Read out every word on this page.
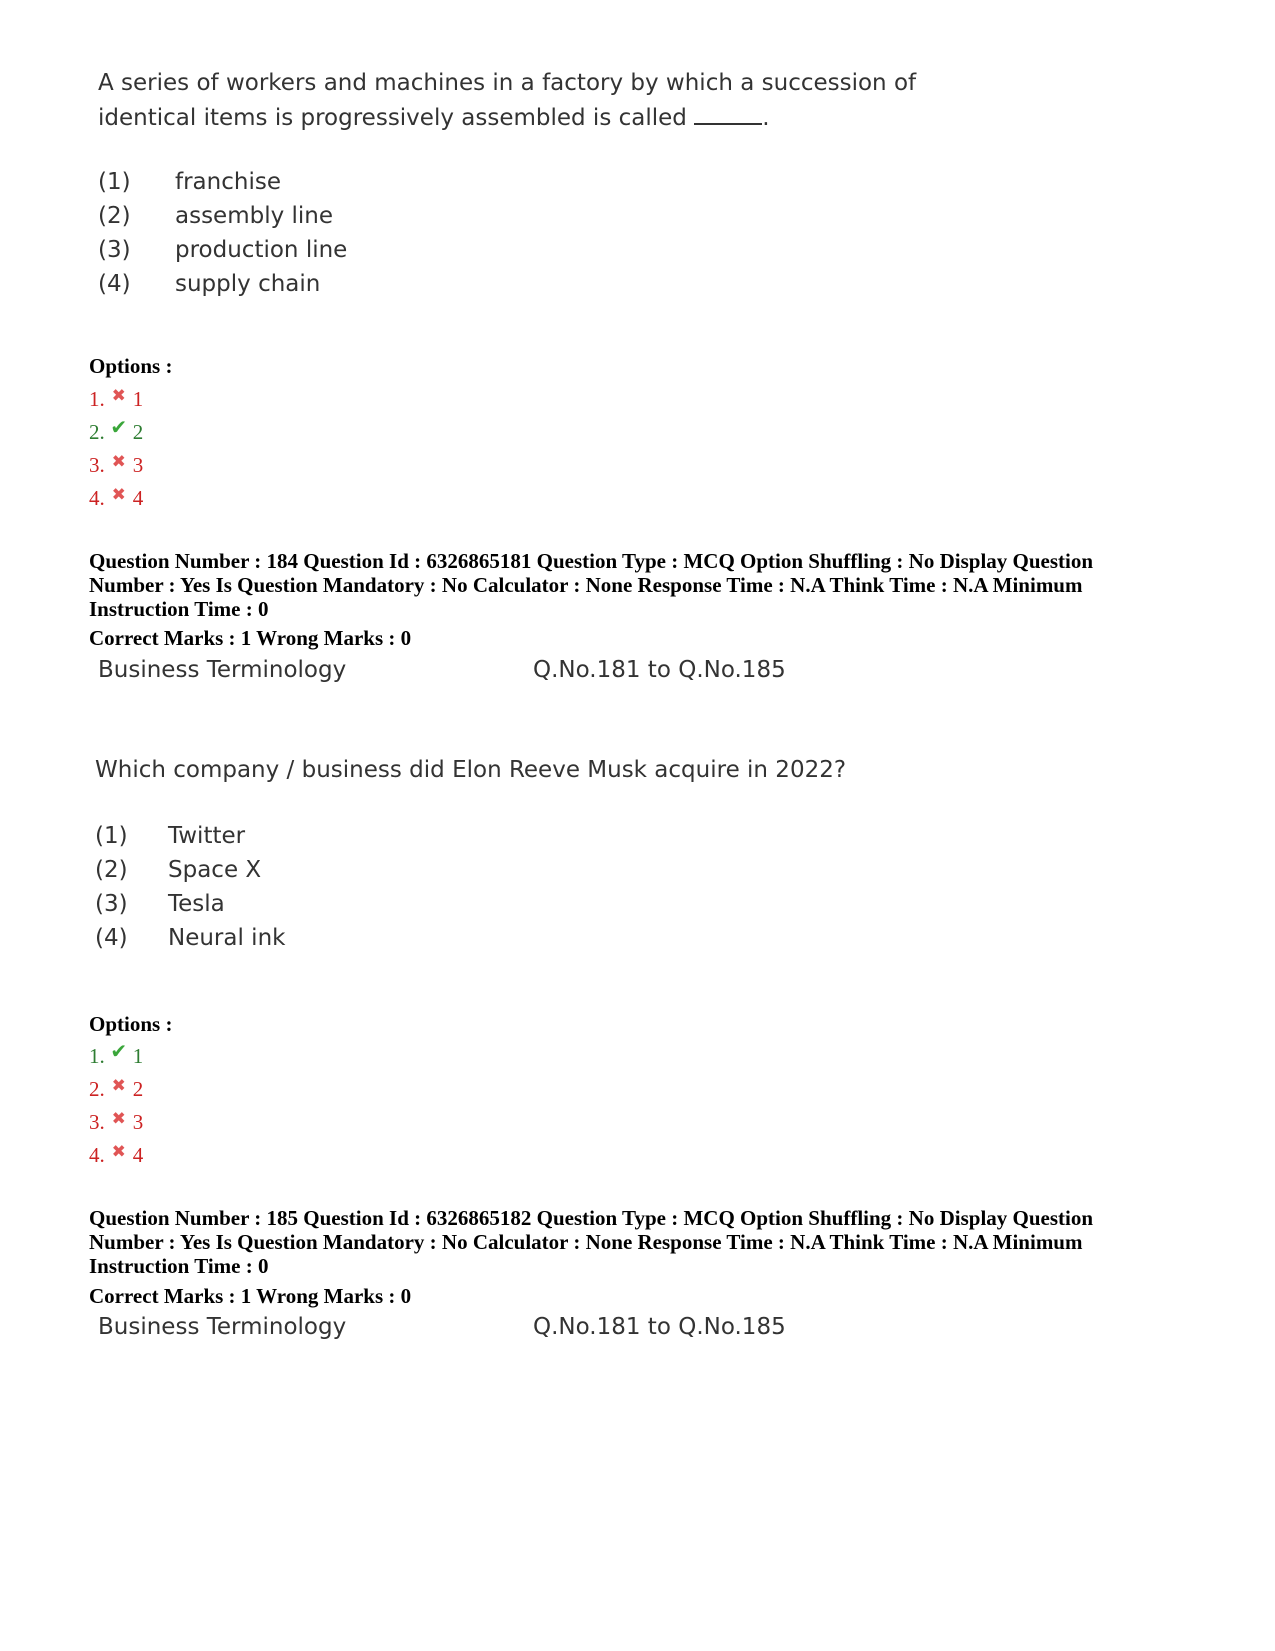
A series of workers and machines in a factory by which a succession of
identical items is progressively assembled is called	.
(1)	franchise
(2)	assembly line
(3)	production line
(4)	supply chain
Options :
1. ✖ 1
2. ✔ 2
3. ✖ 3
4. ✖ 4
Question Number : 184 Question Id : 6326865181 Question Type : MCQ Option Shuffling : No Display Question
Number : Yes Is Question Mandatory : No Calculator : None Response Time : N.A Think Time : N.A Minimum
Instruction Time : 0
Correct Marks : 1 Wrong Marks : 0
Business Terminology	Q.No.181 to Q.No.185
Which company / business did Elon Reeve Musk acquire in 2022?
(1)	Twitter
(2)	Space X
(3)	Tesla
(4)	Neural ink
Options :
1. ✔ 1
2. ✖ 2
3. ✖ 3
4. ✖ 4
Question Number : 185 Question Id : 6326865182 Question Type : MCQ Option Shuffling : No Display Question
Number : Yes Is Question Mandatory : No Calculator : None Response Time : N.A Think Time : N.A Minimum
Instruction Time : 0
Correct Marks : 1 Wrong Marks : 0
Business Terminology	Q.No.181 to Q.No.185
